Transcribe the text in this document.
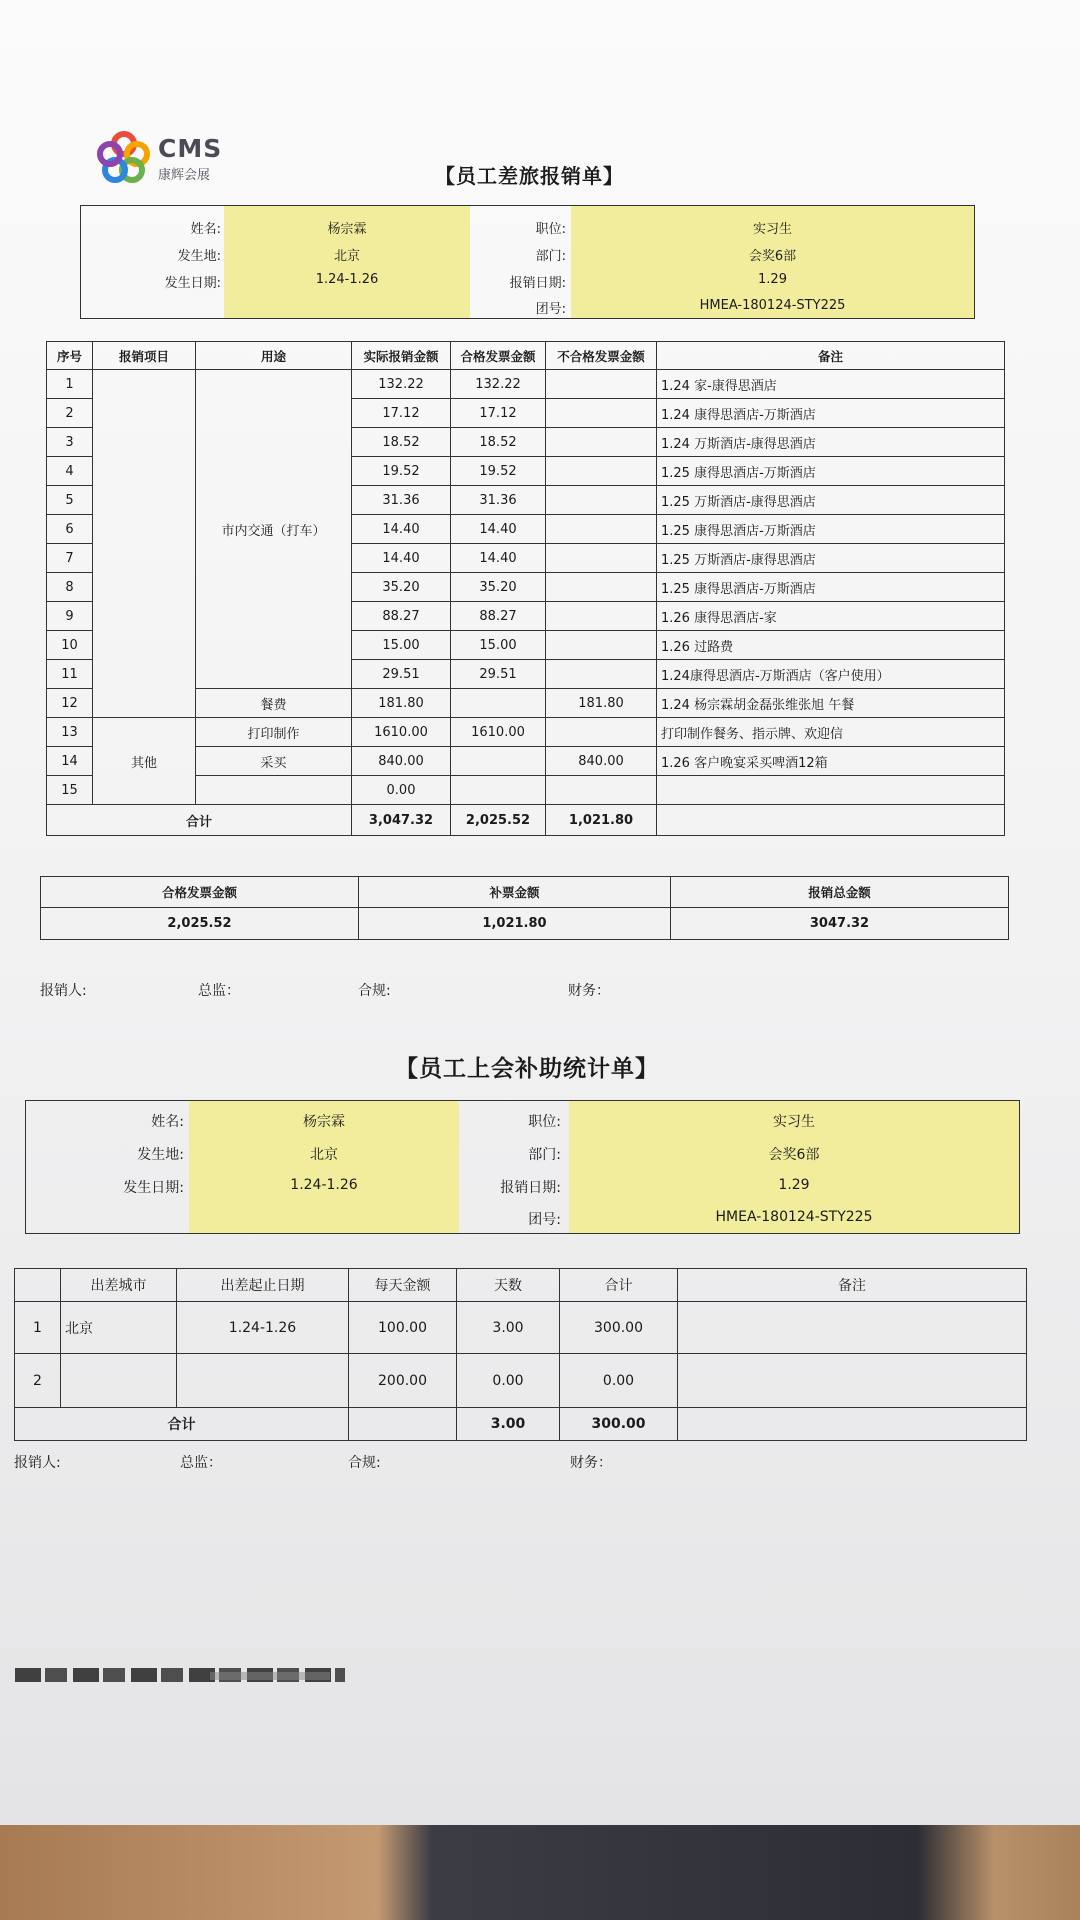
CMS
康辉会展	【员工差旅报销单】
姓名:	杨宗霖
发生地:	北京
发生日期:	1.24-1.26
职位:	实习生
部门:	会奖6部
报销日期:	1.29
团号:	HMEA-180124-STY225
序号	报销项目	用途	实际报销金额	合格发票金额	不合格发票金额	备注
1		市内交通（打车）	132.22	132.22		1.24 家-康得思酒店
2			17.12	17.12		1.24 康得思酒店-万斯酒店
3			18.52	18.52		1.24 万斯酒店-康得思酒店
4			19.52	19.52		1.25 康得思酒店-万斯酒店
5			31.36	31.36		1.25 万斯酒店-康得思酒店
6			14.40	14.40		1.25 康得思酒店-万斯酒店
7			14.40	14.40		1.25 万斯酒店-康得思酒店
8			35.20	35.20		1.25 康得思酒店-万斯酒店
9			88.27	88.27		1.26 康得思酒店-家
10			15.00	15.00		1.26 过路费
11			29.51	29.51		1.24康得思酒店-万斯酒店（客户使用）
12		餐费	181.80		181.80	1.24 杨宗霖胡金磊张维张旭 午餐
13	其他	打印制作	1610.00	1610.00		打印制作餐务、指示牌、欢迎信
14		采买	840.00		840.00	1.26 客户晚宴采买啤酒12箱
15			0.00			
合计			3,047.32	2,025.52	1,021.80	
合格发票金额	补票金额	报销总金额
2,025.52	1,021.80	3047.32
报销人:	总监：	合规:	财务：
【员工上会补助统计单】
姓名:	杨宗霖
发生地:	北京
发生日期:	1.24-1.26
职位:	实习生
部门:	会奖6部
报销日期:	1.29
团号:	HMEA-180124-STY225
	出差城市	出差起止日期	每天金额	天数	合计	备注
1	北京	1.24-1.26	100.00	3.00	300.00	
2			200.00	0.00	0.00	
合计				3.00	300.00	
报销人:	总监：	合规:	财务：
